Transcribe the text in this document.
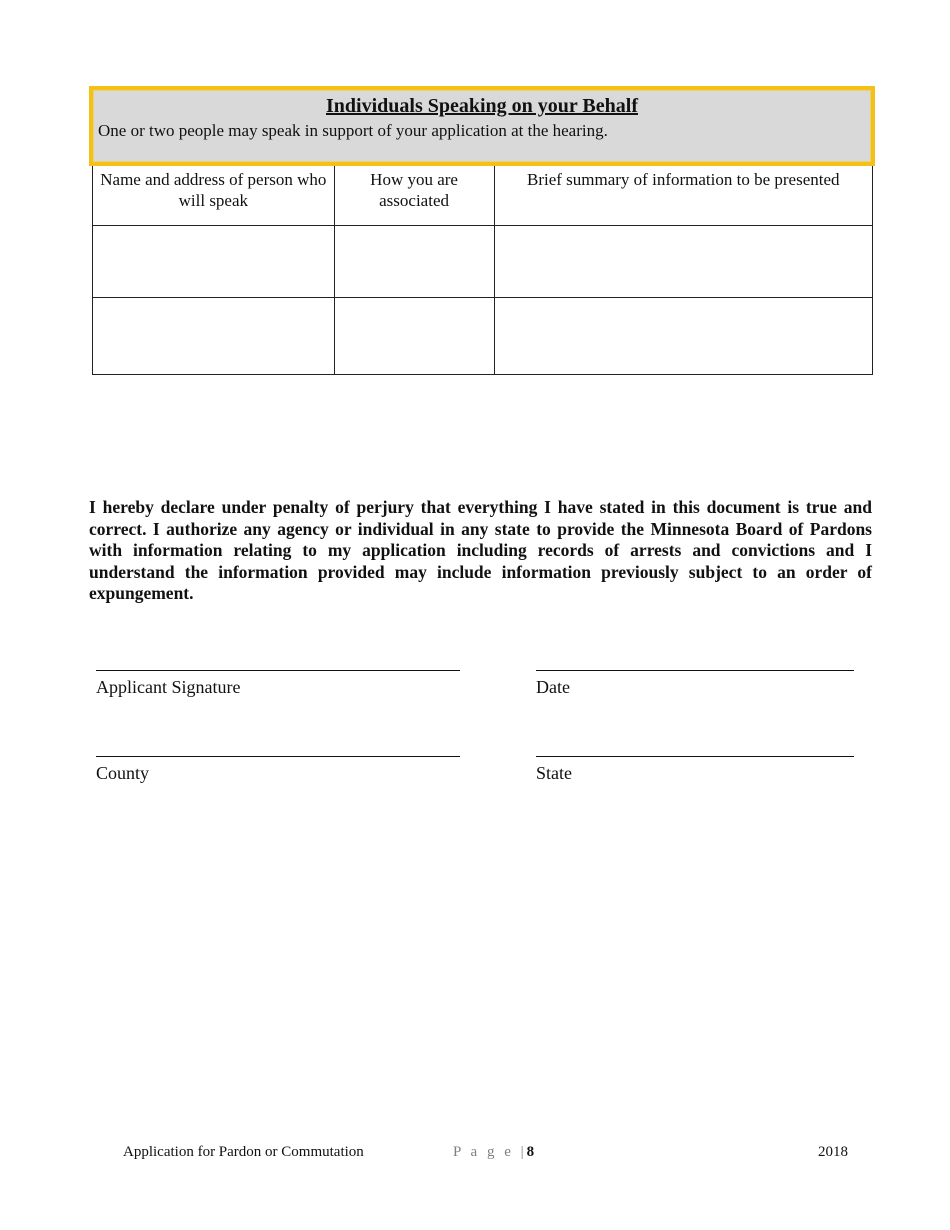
Individuals Speaking on your Behalf
One or two people may speak in support of your application at the hearing.
Name and address of person who will speak	How you are associated	Brief summary of information to be presented

I hereby declare under penalty of perjury that everything I have stated in this document is true and correct. I authorize any agency or individual in any state to provide the Minnesota Board of Pardons with information relating to my application including records of arrests and convictions and I understand the information provided may include information previously subject to an order of expungement.
Applicant Signature	Date
County	State
Application for Pardon or Commutation	P a g e |8	2018
